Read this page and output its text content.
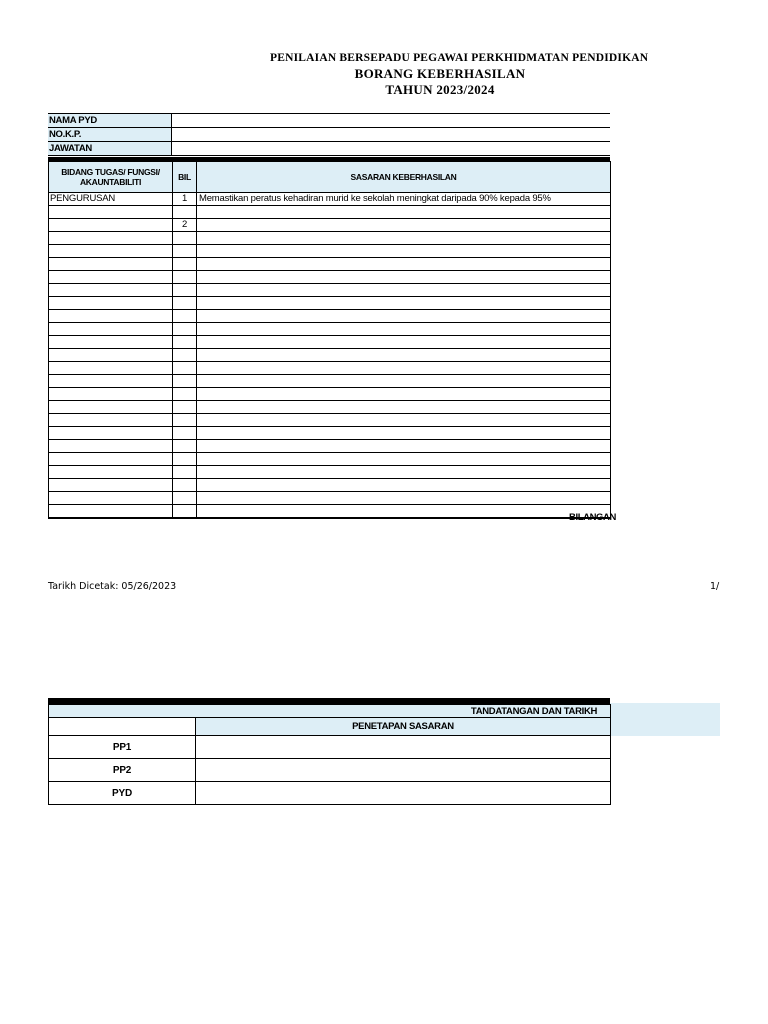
PENILAIAN BERSEPADU PEGAWAI PERKHIDMATAN PENDIDIKAN
BORANG KEBERHASILAN
TAHUN 2023/2024
NAMA PYD
NO.K.P.
JAWATAN
BIDANG TUGAS/ FUNGSI/ AKAUNTABILITI	BIL	SASARAN KEBERHASILAN
PENGURUSAN	1	Memastikan peratus kehadiran murid ke sekolah meningkat daripada 90% kepada 95%

	2	

BILANGAN
Tarikh Dicetak: 05/26/2023	1/
TANDATANGAN DAN TARIKH	

	PENETAPAN SASARAN
PP1	
PP2	
PYD	
